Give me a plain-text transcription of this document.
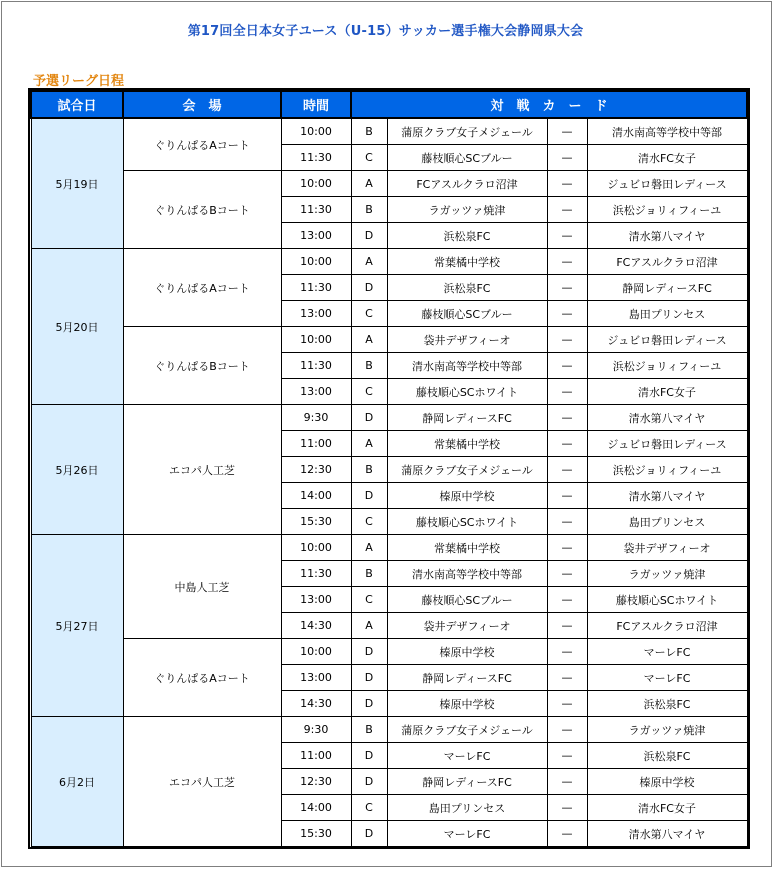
第17回全日本女子ユース（U-15）サッカー選手権大会静岡県大会
予選リーグ日程
試合日	会　場	時間	対　戦　カ　ー　ド			
5月19日	ぐりんぱるAコート	10:00	B	蒲原クラブ女子メジェール	—	清水南高等学校中等部
		11:30	C	藤枝順心SCブルー	—	清水FC女子
	ぐりんぱるBコート	10:00	A	FCアスルクラロ沼津	—	ジュビロ磐田レディース
		11:30	B	ラガッツァ焼津	—	浜松ジョリィフィーユ
		13:00	D	浜松泉FC	—	清水第八マイヤ
5月20日	ぐりんぱるAコート	10:00	A	常葉橘中学校	—	FCアスルクラロ沼津
		11:30	D	浜松泉FC	—	静岡レディースFC
		13:00	C	藤枝順心SCブルー	—	島田プリンセス
	ぐりんぱるBコート	10:00	A	袋井デザフィーオ	—	ジュビロ磐田レディース
		11:30	B	清水南高等学校中等部	—	浜松ジョリィフィーユ
		13:00	C	藤枝順心SCホワイト	—	清水FC女子
5月26日	エコパ人工芝	9:30	D	静岡レディースFC	—	清水第八マイヤ
		11:00	A	常葉橘中学校	—	ジュビロ磐田レディース
		12:30	B	蒲原クラブ女子メジェール	—	浜松ジョリィフィーユ
		14:00	D	榛原中学校	—	清水第八マイヤ
		15:30	C	藤枝順心SCホワイト	—	島田プリンセス
5月27日	中島人工芝	10:00	A	常葉橘中学校	—	袋井デザフィーオ
		11:30	B	清水南高等学校中等部	—	ラガッツァ焼津
		13:00	C	藤枝順心SCブルー	—	藤枝順心SCホワイト
		14:30	A	袋井デザフィーオ	—	FCアスルクラロ沼津
	ぐりんぱるAコート	10:00	D	榛原中学校	—	マーレFC
		13:00	D	静岡レディースFC	—	マーレFC
		14:30	D	榛原中学校	—	浜松泉FC
6月2日	エコパ人工芝	9:30	B	蒲原クラブ女子メジェール	—	ラガッツァ焼津
		11:00	D	マーレFC	—	浜松泉FC
		12:30	D	静岡レディースFC	—	榛原中学校
		14:00	C	島田プリンセス	—	清水FC女子
		15:30	D	マーレFC	—	清水第八マイヤ
